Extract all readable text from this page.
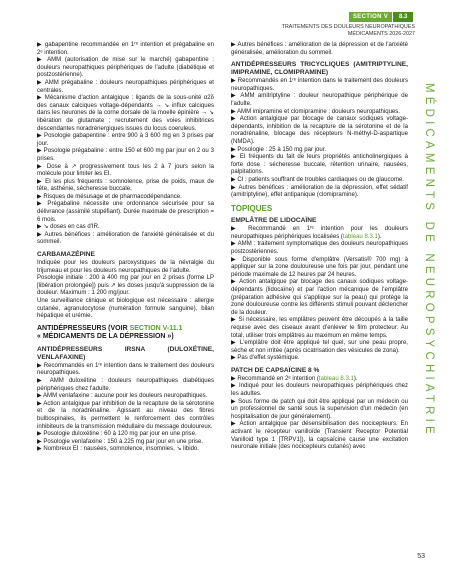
SECTION V	8.3
TRAITEMENTS DES DOULEURS NEUROPATHIQUES
MÉDICAMENTS 2026-2027

▶ gabapentine recommandée en 1ʳᵉ intention et prégabaline en 2ᵉ intention.

▶ AMM (autorisation de mise sur le marché) gabapentine : douleurs neuropathiques périphériques de l'adulte (diabétique et postzostérienne).

▶ AMM prégabaline : douleurs neuropathiques périphériques et centrales.

▶ Mécanisme d'action antalgique : ligands de la sous-unité α2δ des canaux calciques voltage-dépendants → ↘ influx calciques dans les neurones de la corne dorsale de la moelle épinière → ↘ libération de glutamate ; recrutement des voies inhibitrices descendantes noradrénergiques issues du locus coeruleus.

▶ Posologie gabapentine : entre 900 à 3 600 mg en 3 prises par jour.

▶ Posologie prégabaline : entre 150 et 600 mg par jour en 2 ou 3 prises.

▶ Dose à ↗ progressivement tous les 2 à 7 jours selon la molécule pour limiter les EI.

▶ EI les plus fréquents : somnolence, prise de poids, maux de tête, asthénie, sécheresse buccale.

▶ Risques de mésusage et de pharmacodépendance.

▶ Prégabaline nécessite une ordonnance sécurisée pour sa délivrance (assimilé stupéfiant). Durée maximale de prescription = 6 mois.

▶ ↘ doses en cas d'IR.

▶ Autres bénéfices : amélioration de l'anxiété généralisée et du sommeil.

CARBAMAZÉPINE

Indiquée pour les douleurs paroxystiques de la névralgie du trijumeau et pour les douleurs neuropathiques de l'adulte.

Posologie initiale : 200 à 400 mg par jour en 2 prises (forme LP [libération prolongée]) puis ↗ les doses jusqu'à suppression de la douleur. Maximum : 1 200 mg/jour.

Une surveillance clinique et biologique est nécessaire : allergie cutanée, agranulocytose (numération formule sanguine), bilan hépatique et urémie.

ANTIDÉPRESSEURS (VOIR SECTION V-11.1
« MÉDICAMENTS DE LA DÉPRESSION »)
ANTIDÉPRESSEURS IRSNA (DULOXÉTINE, VENLAFAXINE)

▶ Recommandés en 1ʳᵉ intention dans le traitement des douleurs neuropathiques.

▶ AMM duloxétine : douleurs neuropathiques diabétiques périphériques chez l'adulte.

▶ AMM venlafaxine : aucune pour les douleurs neuropathiques.

▶ Action antalgique par inhibition de la recapture de la sérotonine et de la noradrénaline. Agissant au niveau des fibres bulbospinales, ils permettent le renforcement des contrôles inhibiteurs de la transmission médullaire du message douloureux.

▶ Posologie duloxétine : 60 à 120 mg par jour en une prise.

▶ Posologie venlafaxine : 150 à 225 mg par jour en une prise.

▶ Nombreux EI : nausées, somnolence, insomnies, ↘ libido.

▶ Autres bénéfices : amélioration de la dépression et de l'anxiété généralisée, amélioration du sommeil.

ANTIDÉPRESSEURS TRICYCLIQUES (AMITRIPTYLINE, IMIPRAMINE, CLOMIPRAMINE)

▶ Recommandés en 1ʳᵉ intention dans le traitement des douleurs neuropathiques.

▶ AMM amitriptyline : douleur neuropathique périphérique de l'adulte.

▶ AMM imipramine et clomipramine : douleurs neuropathiques.

▶ Action antalgique par blocage de canaux sodiques voltage-dépendants, inhibition de la recapture de la sérotonine et de la noradrénaline, blocage des récepteurs N-méthyl-D-aspartique (NMDA).

▶ Posologie : 25 à 150 mg par jour.

▶ EI fréquents du fait de leurs propriétés anticholinergiques à forte dose : sécheresse buccale, rétention urinaire, nausées, palpitations.

▶ CI : patients souffrant de troubles cardiaques ou de glaucome.

▶ Autres bénéfices : amélioration de la dépression, effet sédatif (amitriptyline), effet antipanique (clomipramine).

TOPIQUES
EMPLÂTRE DE LIDOCAÏNE

▶ Recommandé en 1ʳᵉ intention pour les douleurs neuropathiques périphériques localisées (tableau 8.3.1).

▶ AMM : traitement symptomatique des douleurs neuropathiques postzostériennes.

▶ Disponible sous forme d'emplâtre (Versatis® 700 mg) à appliquer sur la zone douloureuse une fois par jour, pendant une période maximale de 12 heures par 24 heures.

▶ Action antalgique par blocage des canaux sodiques voltage-dépendants (lidocaïne) et par l'action mécanique de l'emplâtre (préparation adhésive qui s'applique sur la peau) qui protège la zone douloureuse contre les différents stimuli pouvant déclencher de la douleur.

▶ Si nécessaire, les emplâtres peuvent être découpés à la taille requise avec des ciseaux avant d'enlever le film protecteur. Au total, utiliser trois emplâtres au maximum en même temps.

▶ L'emplâtre doit être appliqué tel quel, sur une peau propre, sèche et non irritée (après cicatrisation des vésicules de zona).

▶ Pas d'effet systémique.

PATCH DE CAPSAÏCINE 8 %

▶ Recommandé en 2ᵉ intention (tableau 8.3.1).

▶ Indiqué pour les douleurs neuropathiques périphériques chez les adultes.

▶ Sous forme de patch qui doit être appliqué par un médecin ou un professionnel de santé sous la supervision d'un médecin (en hospitalisation de jour généralement).

▶ Action antalgique par désensibilisation des nocicepteurs. En activant le récepteur vanilloïde (Transient Receptor Potential Vanilloid type 1 [TRPV1]), la capsaïcine cause une excitation neuronale initiale (des nocicepteurs cutanés) avec

MÉDICAMENTS DE NEUROPSYCHIATRIE
53
